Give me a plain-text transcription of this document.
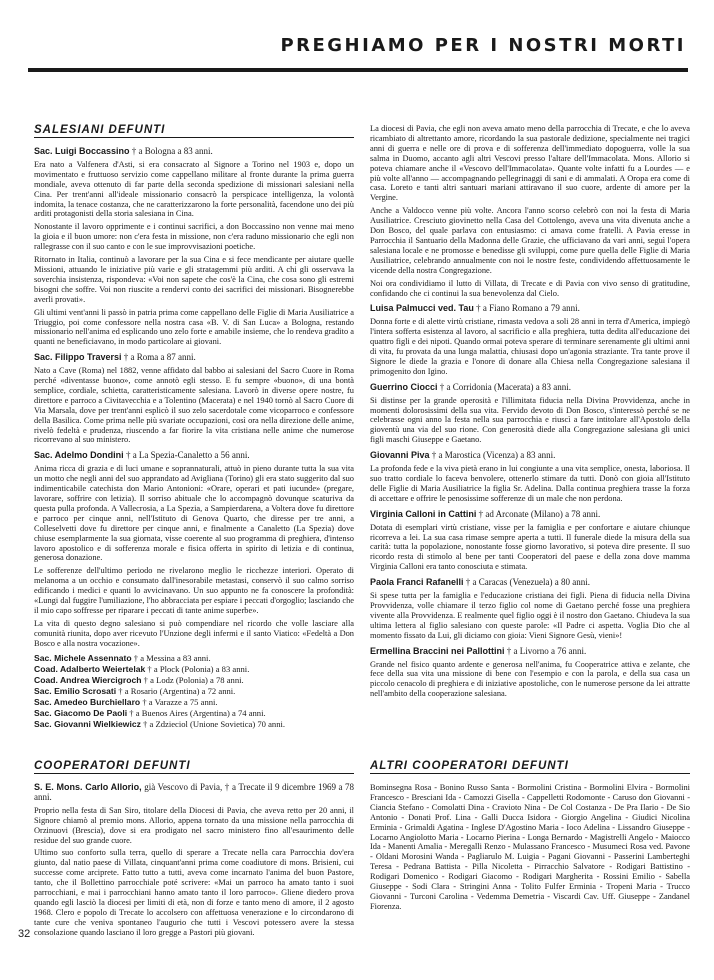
PREGHIAMO PER I NOSTRI MORTI
SALESIANI DEFUNTI

Sac. Luigi Boccassino † a Bologna a 83 anni.

Era nato a Valfenera d'Asti, si era consacrato al Signore a Torino nel 1903 e, dopo un movimentato e fruttuoso servizio come cappellano militare al fronte durante la prima guerra mondiale, aveva ottenuto di far parte della seconda spedizione di missionari salesiani nella Cina. Per trent'anni all'ideale missionario consacrò la perspicace intelligenza, la volontà indomita, la tenace costanza, che ne caratterizzarono la forte personalità, facendone uno dei più arditi protagonisti della storia salesiana in Cina.

Nonostante il lavoro opprimente e i continui sacrifici, a don Boccassino non venne mai meno la gioia e il buon umore: non c'era festa in missione, non c'era raduno missionario che egli non rallegrasse con il suo canto e con le sue improvvisazioni poetiche.

Ritornato in Italia, continuò a lavorare per la sua Cina e si fece mendicante per aiutare quelle Missioni, attuando le iniziative più varie e gli stratagemmi più arditi. A chi gli osservava la soverchia insistenza, rispondeva: «Voi non sapete che cos'è la Cina, che cosa sono gli estremi bisogni che soffre. Voi non riuscite a rendervi conto dei sacrifici dei missionari. Bisognerebbe averli provati».

Gli ultimi vent'anni li passò in patria prima come cappellano delle Figlie di Maria Ausiliatrice a Triuggio, poi come confessore nella nostra casa «B. V. di San Luca» a Bologna, restando missionario nell'anima ed esplicando uno zelo forte e amabile insieme, che lo rendeva gradito a quanti ne beneficiavano, in modo particolare ai giovani.

Sac. Filippo Traversi † a Roma a 87 anni.

Nato a Cave (Roma) nel 1882, venne affidato dal babbo ai salesiani del Sacro Cuore in Roma perché «diventasse buono», come annotò egli stesso. E fu sempre «buono», di una bontà semplice, cordiale, schietta, caratteristicamente salesiana. Lavorò in diverse opere nostre, fu direttore e parroco a Civitavecchia e a Tolentino (Macerata) e nel 1940 tornò al Sacro Cuore di Via Marsala, dove per trent'anni esplicò il suo zelo sacerdotale come vicoparroco e confessore della Basilica. Come prima nelle più svariate occupazioni, così ora nella direzione delle anime, rivelò fedeltà e prudenza, riuscendo a far fiorire la vita cristiana nelle anime che numerose ricorrevano al suo ministero.

Sac. Adelmo Dondini † a La Spezia-Canaletto a 56 anni.

Anima ricca di grazia e di luci umane e soprannaturali, attuò in pieno durante tutta la sua vita un motto che negli anni del suo apprandato ad Avigliana (Torino) gli era stato suggerito dal suo indimenticabile catechista don Mario Antonioni: «Orare, operari et pati iucunde» (pregare, lavorare, soffrire con letizia). Il sorriso abituale che lo accompagnò dovunque scaturiva da questa pulla profonda. A Vallecrosia, a La Spezia, a Sampierdarena, a Voltera dove fu direttore e parroco per cinque anni, nell'Istituto di Genova Quarto, che diresse per tre anni, a Colleselvetti dove fu direttore per cinque anni, e finalmente a Canaletto (La Spezia) dove chiuse esemplarmente la sua giornata, visse coerente al suo programma di preghiera, d'intenso lavoro apostolico e di sofferenza morale e fisica offerta in spirito di letizia e di continua, generosa donazione.

Le sofferenze dell'ultimo periodo ne rivelarono meglio le ricchezze interiori. Operato di melanoma a un occhio e consumato dall'inesorabile metastasi, conservò il suo calmo sorriso edificando i medici e quanti lo avvicinavano. Un suo appunto ne fa conoscere la profondità: «Lungi dal fuggire l'umiliazione, l'ho abbracciata per espiare i peccati d'orgoglio; lasciando che il mio capo soffresse per riparare i peccati di tante anime superbe».

La vita di questo degno salesiano si può compendiare nel ricordo che volle lasciare alla comunità riunita, dopo aver ricevuto l'Unzione degli infermi e il santo Viatico: «Fedeltà a Don Bosco e alla nostra vocazione».

Sac. Michele Assennato † a Messina a 83 anni.

Coad. Adalberto Weiertelak † a Plock (Polonia) a 83 anni.

Coad. Andrea Wiercigroch † a Lodz (Polonia) a 78 anni.

Sac. Emilio Scrosati † a Rosario (Argentina) a 72 anni.

Sac. Amedeo Burchiellaro † a Varazze a 75 anni.

Sac. Giacomo De Paoli † a Buenos Aires (Argentina) a 74 anni.

Sac. Giovanni Wielkiewicz † a Zdzieciol (Unione Sovietica) 70 anni.

COOPERATORI DEFUNTI

S. E. Mons. Carlo Allorio, già Vescovo di Pavia, † a Trecate il 9 dicembre 1969 a 78 anni.

Proprio nella festa di San Siro, titolare della Diocesi di Pavia, che aveva retto per 20 anni, il Signore chiamò al premio mons. Allorio, appena tornato da una missione nella parrocchia di Orzinuovi (Brescia), dove si era prodigato nel sacro ministero fino all'esaurimento delle residue del suo grande cuore.

Ultimo suo conforto sulla terra, quello di sperare a Trecate nella cara Parrocchia dov'era giunto, dal natio paese di Villata, cinquant'anni prima come coadiutore di mons. Brisieni, cui successe come arciprete. Fatto tutto a tutti, aveva come incarnato l'anima del buon Pastore, tanto, che il Bollettino parrocchiale poté scrivere: «Mai un parroco ha amato tanto i suoi parrocchiani, e mai i parrocchiani hanno amato tanto il loro parroco». Gliene diedero prova quando egli lasciò la diocesi per limiti di età, non di forze e tanto meno di amore, il 2 agosto 1968. Clero e popolo di Trecate lo accolsero con affettuosa venerazione e lo circondarono di tante cure che veniva spontaneo l'augurio che tutti i Vescovi potessero avere la stessa consolazione quando lasciano il loro gregge a Pastori più giovani.

La diocesi di Pavia, che egli non aveva amato meno della parrocchia di Trecate, e che lo aveva ricambiato di altrettanto amore, ricordando la sua pastorale dedizione, specialmente nei tragici anni di guerra e nelle ore di prova e di sofferenza dell'immediato dopoguerra, volle la sua salma in Duomo, accanto agli altri Vescovi presso l'altare dell'Immacolata. Mons. Allorio si poteva chiamare anche il «Vescovo dell'Immacolata». Quante volte infatti fu a Lourdes — e più volte all'anno — accompagnando pellegrinaggi di sani e di ammalati. A Oropa era come di casa. Loreto e tanti altri santuari mariani attiravano il suo cuore, ardente di amore per la Vergine.

Anche a Valdocco venne più volte. Ancora l'anno scorso celebrò con noi la festa di Maria Ausiliatrice. Cresciuto giovinetto nella Casa del Cottolengo, aveva una vita divenuta anche a Don Bosco, del quale parlava con entusiasmo: ci amava come fratelli. A Pavia eresse in Parrocchia il Santuario della Madonna delle Grazie, che ufficiavano da vari anni, seguì l'opera salesiana locale e ne promosse e benedisse gli sviluppi, come pure quella delle Figlie di Maria Ausiliatrice, celebrando annualmente con noi le nostre feste, condividendo affettuosamente le vicende della nostra Congregazione.

Noi ora condividiamo il lutto di Villata, di Trecate e di Pavia con vivo senso di gratitudine, confidando che ci continui la sua benevolenza dal Cielo.

Luisa Palmucci ved. Tau † a Fiano Romano a 79 anni.

Donna forte e di alette virtù cristiane, rimasta vedova a soli 28 anni in terra d'America, impiegò l'intera sofferta esistenza al lavoro, al sacrificio e alla preghiera, tutta dedita all'educazione dei quattro figli e dei nipoti. Quando ormai poteva sperare di terminare serenamente gli ultimi anni di vita, fu provata da una lunga malattia, chiusasi dopo un'agonia straziante. Tra tante prove il Signore le diede la grazia e l'onore di donare alla Chiesa nella Congregazione salesiana il primogenito don Igino.

Guerrino Ciocci † a Corridonia (Macerata) a 83 anni.

Si distinse per la grande operosità e l'illimitata fiducia nella Divina Provvidenza, anche in momenti dolorosissimi della sua vita. Fervido devoto di Don Bosco, s'interessò perché se ne celebrasse ogni anno la festa nella sua parrocchia e riuscì a fare intitolare all'Apostolo della gioventù una via del suo rione. Con generosità diede alla Congregazione salesiana gli unici figli maschi Giuseppe e Gaetano.

Giovanni Piva † a Marostica (Vicenza) a 83 anni.

La profonda fede e la viva pietà erano in lui congiunte a una vita semplice, onesta, laboriosa. Il suo tratto cordiale lo faceva benvolere, ottenerlo stimare da tutti. Donò con gioia all'Istituto delle Figlie di Maria Ausiliatrice la figlia Sr. Adelina. Dalla continua preghiera trasse la forza di accettare e offrire le penosissime sofferenze di un male che non perdona.

Virginia Calloni in Cattini † ad Arconate (Milano) a 78 anni.

Dotata di esemplari virtù cristiane, visse per la famiglia e per confortare e aiutare chiunque ricorreva a lei. La sua casa rimase sempre aperta a tutti. Il funerale diede la misura della sua carità: tutta la popolazione, nonostante fosse giorno lavorativo, si poteva dire presente. Il suo ricordo resta di stimolo al bene per tanti Cooperatori del paese e della zona dove mamma Virginia Calloni era tanto conosciuta e stimata.

Paola Franci Rafanelli † a Caracas (Venezuela) a 80 anni.

Si spese tutta per la famiglia e l'educazione cristiana dei figli. Piena di fiducia nella Divina Provvidenza, volle chiamare il terzo figlio col nome di Gaetano perché fosse una preghiera vivente alla Provvidenza. E realmente quel figlio oggi è il nostro don Gaetano. Chiudeva la sua ultima lettera al figlio salesiano con queste parole: «Il Padre ci aspetta. Voglia Dio che al momento fissato da Lui, gli diciamo con gioia: Vieni Signore Gesù, vieni»!

Ermellina Braccini nei Pallottini † a Livorno a 76 anni.

Grande nel fisico quanto ardente e generosa nell'anima, fu Cooperatrice attiva e zelante, che fece della sua vita una missione di bene con l'esempio e con la parola, e della sua casa un piccolo cenacolo di preghiera e di iniziative apostoliche, con le numerose persone da lei attratte nell'ambito della cooperazione salesiana.

ALTRI COOPERATORI DEFUNTI

Bominsegna Rosa - Bonino Russo Santa - Bormolini Cristina - Bormolini Elvira - Bormolini Francesco - Bresciani Ida - Camozzi Gisella - Cappelletti Rodomonte - Caruso don Giovanni - Ciancia Stefano - Comolatti Dina - Cravioto Nina - De Col Costanza - De Pra Ilario - De Sio Antonio - Donati Prof. Lina - Galli Ducca Isidora - Giorgio Angelina - Giudici Nicolina Erminia - Grimaldi Agatina - Inglese D'Agostino Maria - Ioco Adelina - Lissandro Giuseppe - Locarno Angiolotto Maria - Locarno Pierina - Longa Bernardo - Magistrelli Angelo - Maiocco Ida - Manenti Amalia - Meregalli Renzo - Mulassano Francesco - Musumeci Rosa ved. Pavone - Oldani Morosini Wanda - Pagliarulo M. Luigia - Pagani Giovanni - Passerini Lamberteghi Teresa - Pedrana Battista - Pilla Nicoletta - Pirracchio Salvatore - Rodigari Battistino - Rodigari Domenico - Rodigari Giacomo - Rodigari Margherita - Rossini Emilio - Sabella Giuseppe - Sodi Clara - Stringini Anna - Tolito Fulfer Erminia - Tropeni Maria - Trucco Giovanni - Turconi Carolina - Vedemma Demetria - Viscardi Cav. Uff. Giuseppe - Zandanel Fiorenza.

32
